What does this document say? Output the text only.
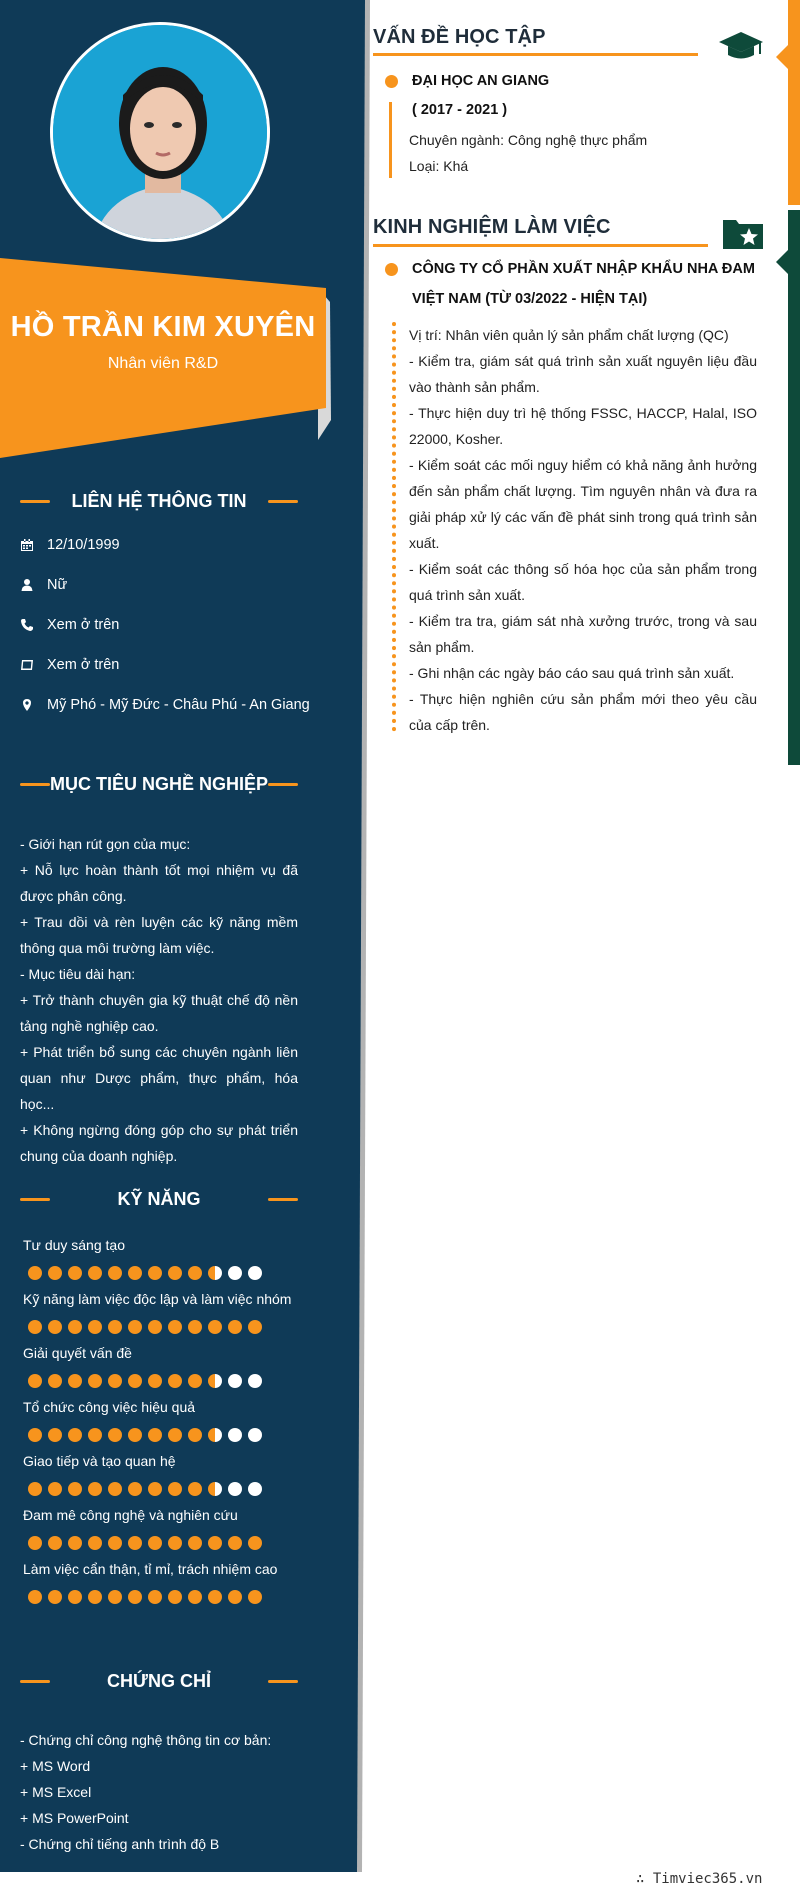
HỒ TRẦN KIM XUYÊN
Nhân viên R&D
LIÊN HỆ THÔNG TIN
12/10/1999
Nữ
Xem ở trên
Xem ở trên
Mỹ Phó - Mỹ Đức - Châu Phú - An Giang
MỤC TIÊU NGHỀ NGHIỆP

- Giới hạn rút gọn của mục:

+ Nỗ lực hoàn thành tốt mọi nhiệm vụ đã được phân công.

+ Trau dồi và rèn luyện các kỹ năng mềm thông qua môi trường làm việc.

- Mục tiêu dài hạn:

+ Trở thành chuyên gia kỹ thuật chế độ nền tảng nghề nghiệp cao.

+ Phát triển bổ sung các chuyên ngành liên quan như Dược phẩm, thực phẩm, hóa học...

+ Không ngừng đóng góp cho sự phát triển chung của doanh nghiệp.

KỸ NĂNG
Tư duy sáng tạo
Kỹ năng làm việc độc lập và làm việc nhóm
Giải quyết vấn đề
Tổ chức công việc hiệu quả
Giao tiếp và tạo quan hệ
Đam mê công nghệ và nghiên cứu
Làm việc cẩn thận, tỉ mỉ, trách nhiệm cao
CHỨNG CHỈ

- Chứng chỉ công nghệ thông tin cơ bản:

+ MS Word

+ MS Excel

+ MS PowerPoint

- Chứng chỉ tiếng anh trình độ B

VẤN ĐỀ HỌC TẬP
ĐẠI HỌC AN GIANG
( 2017 - 2021 )
Chuyên ngành: Công nghệ thực phẩm
Loại: Khá
KINH NGHIỆM LÀM VIỆC
CÔNG TY CỔ PHẦN XUẤT NHẬP KHẨU NHA ĐAM
VIỆT NAM (TỪ 03/2022 - HIỆN TẠI)

Vị trí: Nhân viên quản lý sản phẩm chất lượng (QC)

- Kiểm tra, giám sát quá trình sản xuất nguyên liệu đầu vào thành sản phẩm.

- Thực hiện duy trì hệ thống FSSC, HACCP, Halal, ISO 22000, Kosher.

- Kiểm soát các mối nguy hiểm có khả năng ảnh hưởng đến sản phẩm chất lượng. Tìm nguyên nhân và đưa ra giải pháp xử lý các vấn đề phát sinh trong quá trình sản xuất.

- Kiểm soát các thông số hóa học của sản phẩm trong quá trình sản xuất.

- Kiểm tra tra, giám sát nhà xưởng trước, trong và sau sản phẩm.

- Ghi nhận các ngày báo cáo sau quá trình sản xuất.

- Thực hiện nghiên cứu sản phẩm mới theo yêu cầu của cấp trên.

∴ Timviec365.vn
